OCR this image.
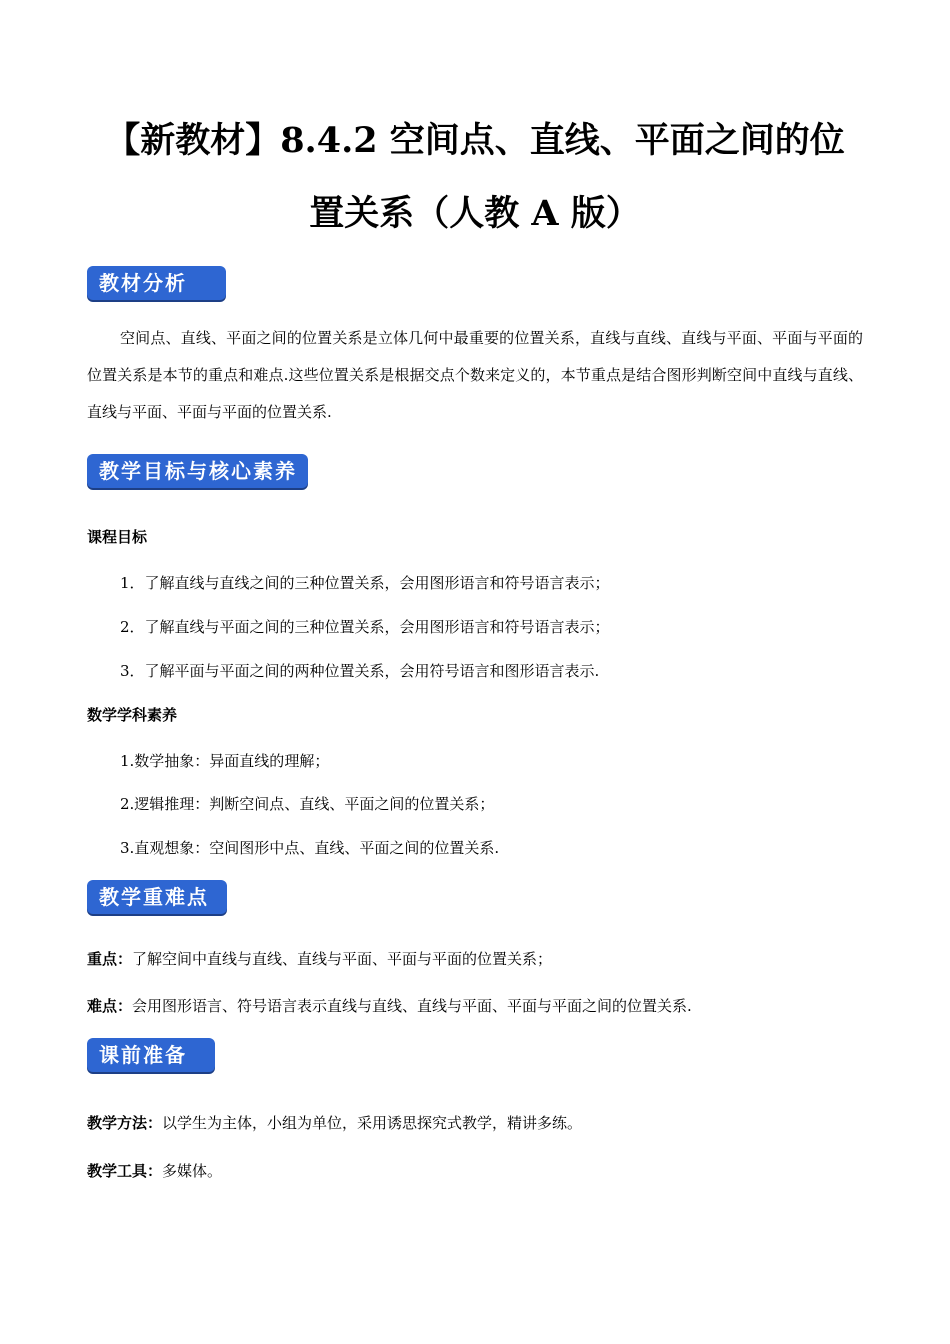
【新教材】8.4.2 空间点、直线、平面之间的位
置关系（人教 A 版）
教材分析
空间点、直线、平面之间的位置关系是立体几何中最重要的位置关系，直线与直线、直线与平面、平面与平面的位置关系是本节的重点和难点.这些位置关系是根据交点个数来定义的，本节重点是结合图形判断空间中直线与直线、直线与平面、平面与平面的位置关系.
教学目标与核心素养
课程目标
1．了解直线与直线之间的三种位置关系，会用图形语言和符号语言表示；
2．了解直线与平面之间的三种位置关系，会用图形语言和符号语言表示；
3．了解平面与平面之间的两种位置关系，会用符号语言和图形语言表示.
数学学科素养
1.数学抽象：异面直线的理解；
2.逻辑推理：判断空间点、直线、平面之间的位置关系；
3.直观想象：空间图形中点、直线、平面之间的位置关系.
教学重难点
重点：了解空间中直线与直线、直线与平面、平面与平面的位置关系；
难点：会用图形语言、符号语言表示直线与直线、直线与平面、平面与平面之间的位置关系.
课前准备
教学方法：以学生为主体，小组为单位，采用诱思探究式教学，精讲多练。
教学工具：多媒体。
